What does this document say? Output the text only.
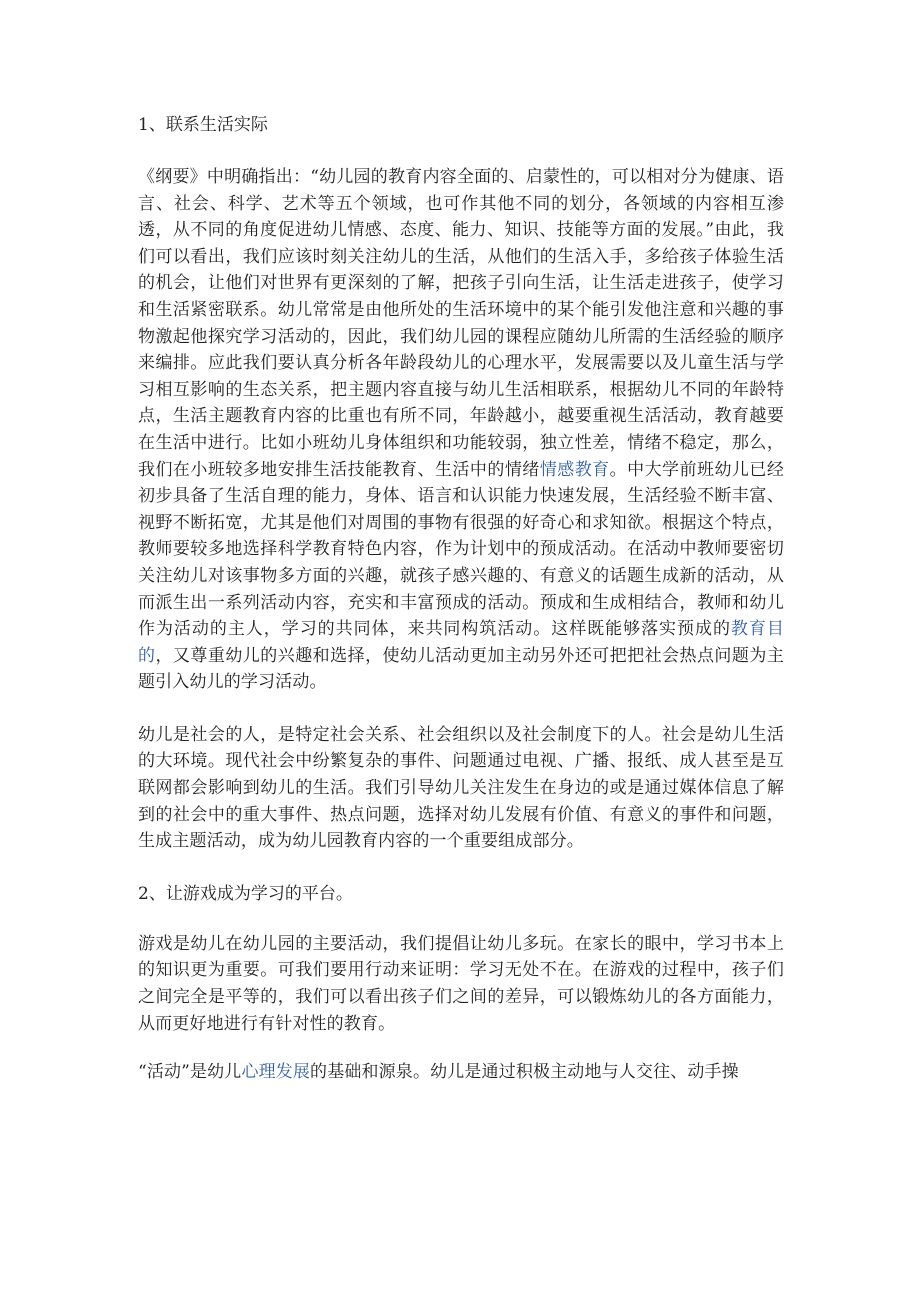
1、联系生活实际

《纲要》中明确指出：“幼儿园的教育内容全面的、启蒙性的，可以相对分为健康、语言、社会、科学、艺术等五个领域，也可作其他不同的划分，各领域的内容相互渗透，从不同的角度促进幼儿情感、态度、能力、知识、技能等方面的发展。”由此，我们可以看出，我们应该时刻关注幼儿的生活，从他们的生活入手，多给孩子体验生活的机会，让他们对世界有更深刻的了解，把孩子引向生活，让生活走进孩子，使学习和生活紧密联系。幼儿常常是由他所处的生活环境中的某个能引发他注意和兴趣的事物激起他探究学习活动的，因此，我们幼儿园的课程应随幼儿所需的生活经验的顺序来编排。应此我们要认真分析各年龄段幼儿的心理水平，发展需要以及儿童生活与学习相互影响的生态关系，把主题内容直接与幼儿生活相联系，根据幼儿不同的年龄特点，生活主题教育内容的比重也有所不同，年龄越小，越要重视生活活动，教育越要在生活中进行。比如小班幼儿身体组织和功能较弱，独立性差，情绪不稳定，那么，我们在小班较多地安排生活技能教育、生活中的情绪情感教育。中大学前班幼儿已经初步具备了生活自理的能力，身体、语言和认识能力快速发展，生活经验不断丰富、视野不断拓宽，尤其是他们对周围的事物有很强的好奇心和求知欲。根据这个特点，教师要较多地选择科学教育特色内容，作为计划中的预成活动。在活动中教师要密切关注幼儿对该事物多方面的兴趣，就孩子感兴趣的、有意义的话题生成新的活动，从而派生出一系列活动内容，充实和丰富预成的活动。预成和生成相结合，教师和幼儿作为活动的主人，学习的共同体，来共同构筑活动。这样既能够落实预成的教育目的，又尊重幼儿的兴趣和选择，使幼儿活动更加主动另外还可把把社会热点问题为主题引入幼儿的学习活动。

幼儿是社会的人，是特定社会关系、社会组织以及社会制度下的人。社会是幼儿生活的大环境。现代社会中纷繁复杂的事件、问题通过电视、广播、报纸、成人甚至是互联网都会影响到幼儿的生活。我们引导幼儿关注发生在身边的或是通过媒体信息了解到的社会中的重大事件、热点问题，选择对幼儿发展有价值、有意义的事件和问题，生成主题活动，成为幼儿园教育内容的一个重要组成部分。

2、让游戏成为学习的平台。

游戏是幼儿在幼儿园的主要活动，我们提倡让幼儿多玩。在家长的眼中，学习书本上的知识更为重要。可我们要用行动来证明：学习无处不在。在游戏的过程中，孩子们之间完全是平等的，我们可以看出孩子们之间的差异，可以锻炼幼儿的各方面能力，从而更好地进行有针对性的教育。

“活动”是幼儿心理发展的基础和源泉。幼儿是通过积极主动地与人交往、动手操
